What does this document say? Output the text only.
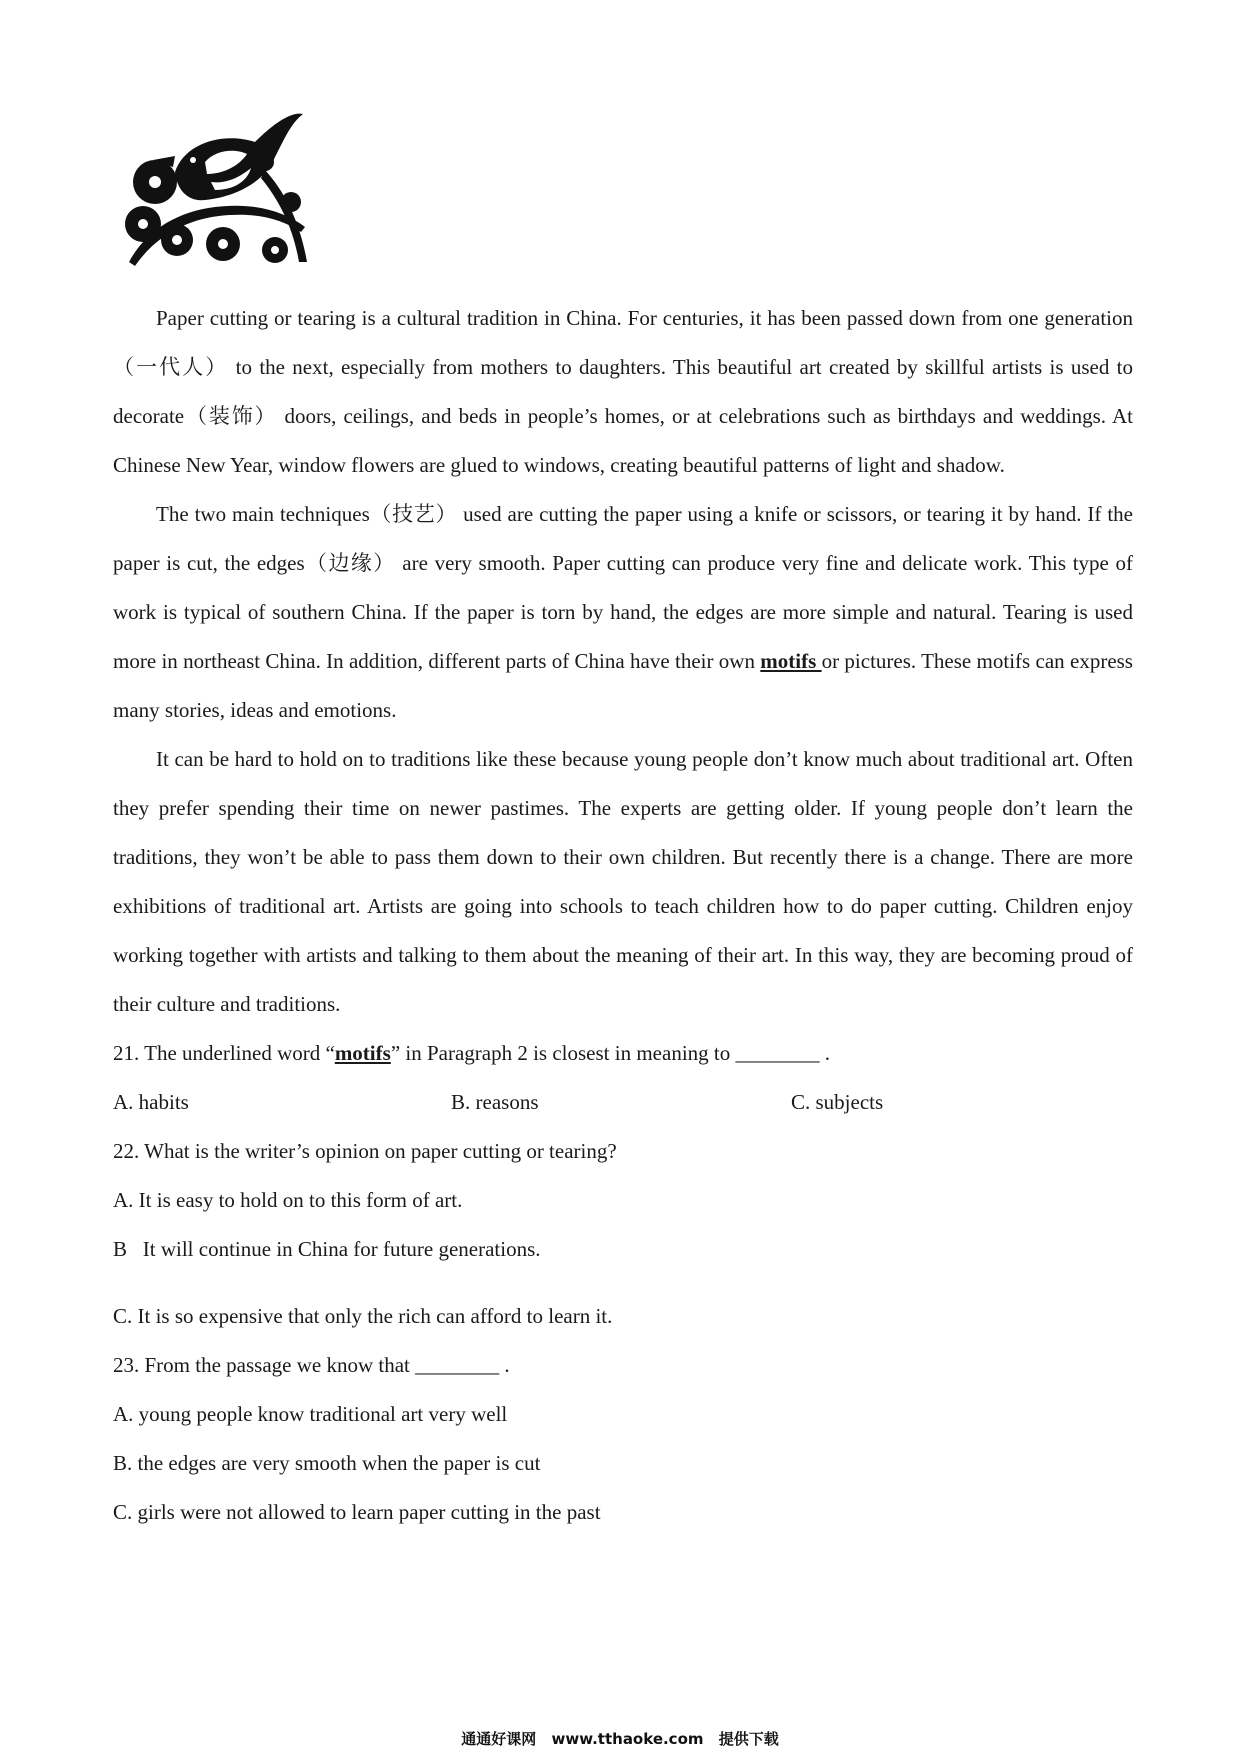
Paper cutting or tearing is a cultural tradition in China. For centuries, it has been passed down from one generation（一代人） to the next, especially from mothers to daughters. This beautiful art created by skillful artists is used to decorate（装饰） doors, ceilings, and beds in people’s homes, or at celebrations such as birthdays and weddings. At Chinese New Year, window flowers are glued to windows, creating beautiful patterns of light and shadow.

The two main techniques（技艺） used are cutting the paper using a knife or scissors, or tearing it by hand. If the paper is cut, the edges（边缘） are very smooth. Paper cutting can produce very fine and delicate work. This type of work is typical of southern China. If the paper is torn by hand, the edges are more simple and natural. Tearing is used more in northeast China. In addition, different parts of China have their own motifs or pictures. These motifs can express many stories, ideas and emotions.

It can be hard to hold on to traditions like these because young people don’t know much about traditional art. Often they prefer spending their time on newer pastimes. The experts are getting older. If young people don’t learn the traditions, they won’t be able to pass them down to their own children. But recently there is a change. There are more exhibitions of traditional art. Artists are going into schools to teach children how to do paper cutting. Children enjoy working together with artists and talking to them about the meaning of their art. In this way, they are becoming proud of their culture and traditions.

21. The underlined word “motifs” in Paragraph 2 is closest in meaning to ________ .

A. habits	B. reasons	C. subjects

22. What is the writer’s opinion on paper cutting or tearing?

A. It is easy to hold on to this form of art.

B   It will continue in China for future generations.

C. It is so expensive that only the rich can afford to learn it.

23. From the passage we know that ________ .

A. young people know traditional art very well

B. the edges are very smooth when the paper is cut

C. girls were not allowed to learn paper cutting in the past

通通好课网 www.tthaoke.com 提供下载
